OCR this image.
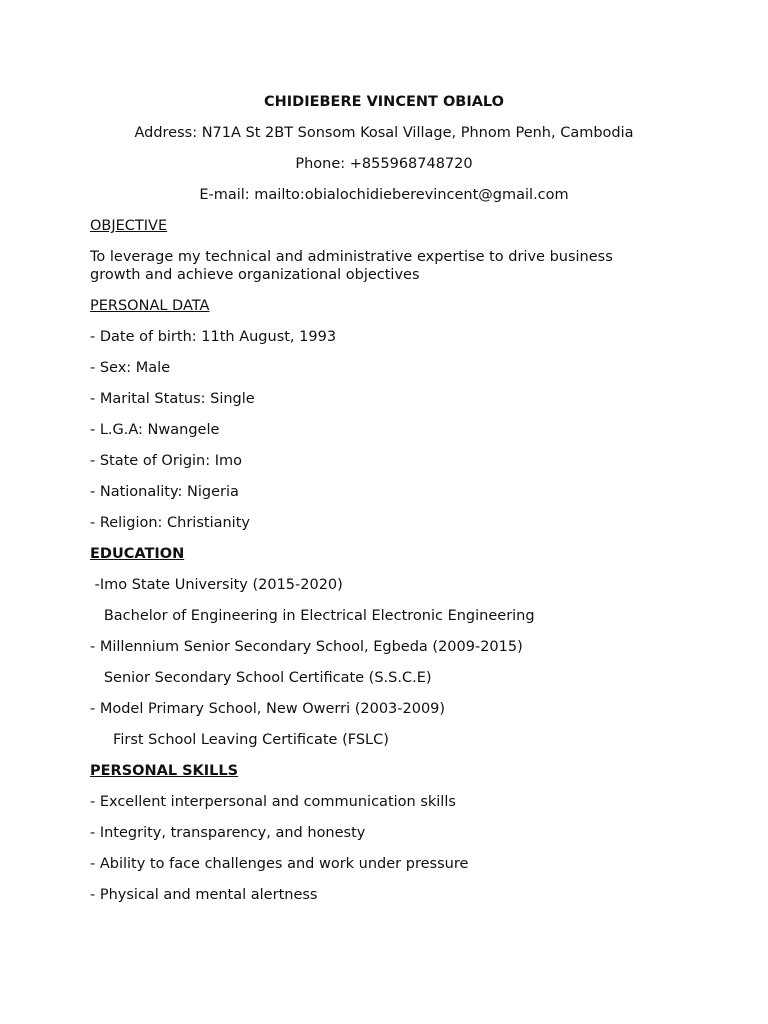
CHIDIEBERE VINCENT OBIALO
Address: N71A St 2BT Sonsom Kosal Village, Phnom Penh, Cambodia
Phone: +855968748720
E-mail: mailto:obialochidieberevincent@gmail.com
OBJECTIVE
To leverage my technical and administrative expertise to drive business growth and achieve organizational objectives
PERSONAL DATA
- Date of birth: 11th August, 1993
- Sex: Male
- Marital Status: Single
- L.G.A: Nwangele
- State of Origin: Imo
- Nationality: Nigeria
- Religion: Christianity
EDUCATION
-Imo State University (2015-2020)
Bachelor of Engineering in Electrical Electronic Engineering
- Millennium Senior Secondary School, Egbeda (2009-2015)
Senior Secondary School Certificate (S.S.C.E)
- Model Primary School, New Owerri (2003-2009)
First School Leaving Certificate (FSLC)
PERSONAL SKILLS
- Excellent interpersonal and communication skills
- Integrity, transparency, and honesty
- Ability to face challenges and work under pressure
- Physical and mental alertness
